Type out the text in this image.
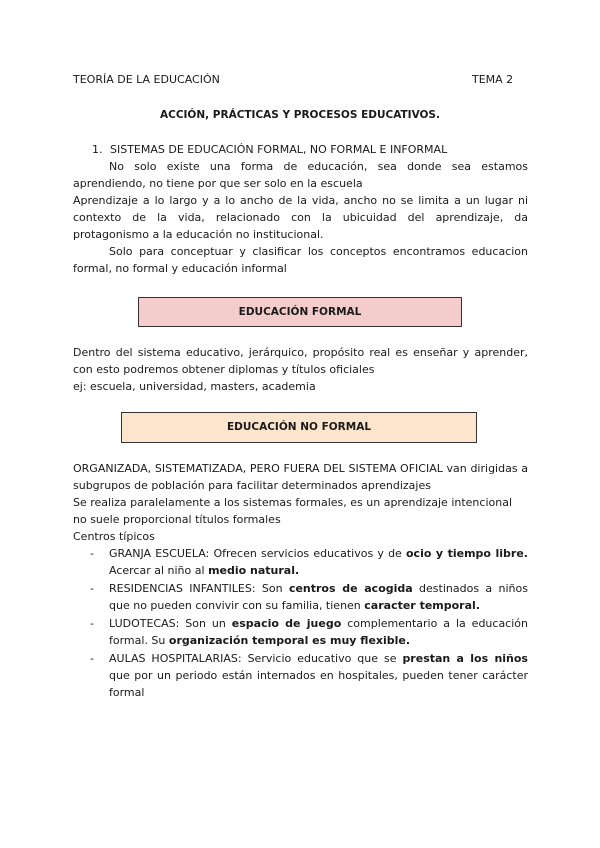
TEORÍA DE LA EDUCACIÓN	TEMA 2
ACCIÓN, PRÁCTICAS Y PROCESOS EDUCATIVOS.
1. SISTEMAS DE EDUCACIÓN FORMAL, NO FORMAL E INFORMAL

No solo existe una forma de educación, sea donde sea estamos aprendiendo, no tiene por que ser solo en la escuela

Aprendizaje a lo largo y a lo ancho de la vida, ancho no se limita a un lugar ni contexto de la vida, relacionado con la ubicuidad del aprendizaje, da protagonismo a la educación no institucional.

Solo para conceptuar y clasificar los conceptos encontramos educacion formal, no formal y educación informal

EDUCACIÓN FORMAL

Dentro del sistema educativo, jerárquico, propósito real es enseñar y aprender, con esto podremos obtener diplomas y títulos oficiales

ej: escuela, universidad, masters, academia

EDUCACIÓN NO FORMAL

ORGANIZADA, SISTEMATIZADA, PERO FUERA DEL SISTEMA OFICIAL van dirigidas a subgrupos de población para facilitar determinados aprendizajes

Se realiza paralelamente a los sistemas formales, es un aprendizaje intencional

no suele proporcional títulos formales

Centros típicos

- GRANJA ESCUELA: Ofrecen servicios educativos y de ocio y tiempo libre. Acercar al niño al medio natural.
- RESIDENCIAS INFANTILES: Son centros de acogida destinados a niños que no pueden convivir con su familia, tienen caracter temporal.
- LUDOTECAS: Son un espacio de juego complementario a la educación formal. Su organización temporal es muy flexible.
- AULAS HOSPITALARIAS: Servicio educativo que se prestan a los niños que por un periodo están internados en hospitales, pueden tener carácter formal
